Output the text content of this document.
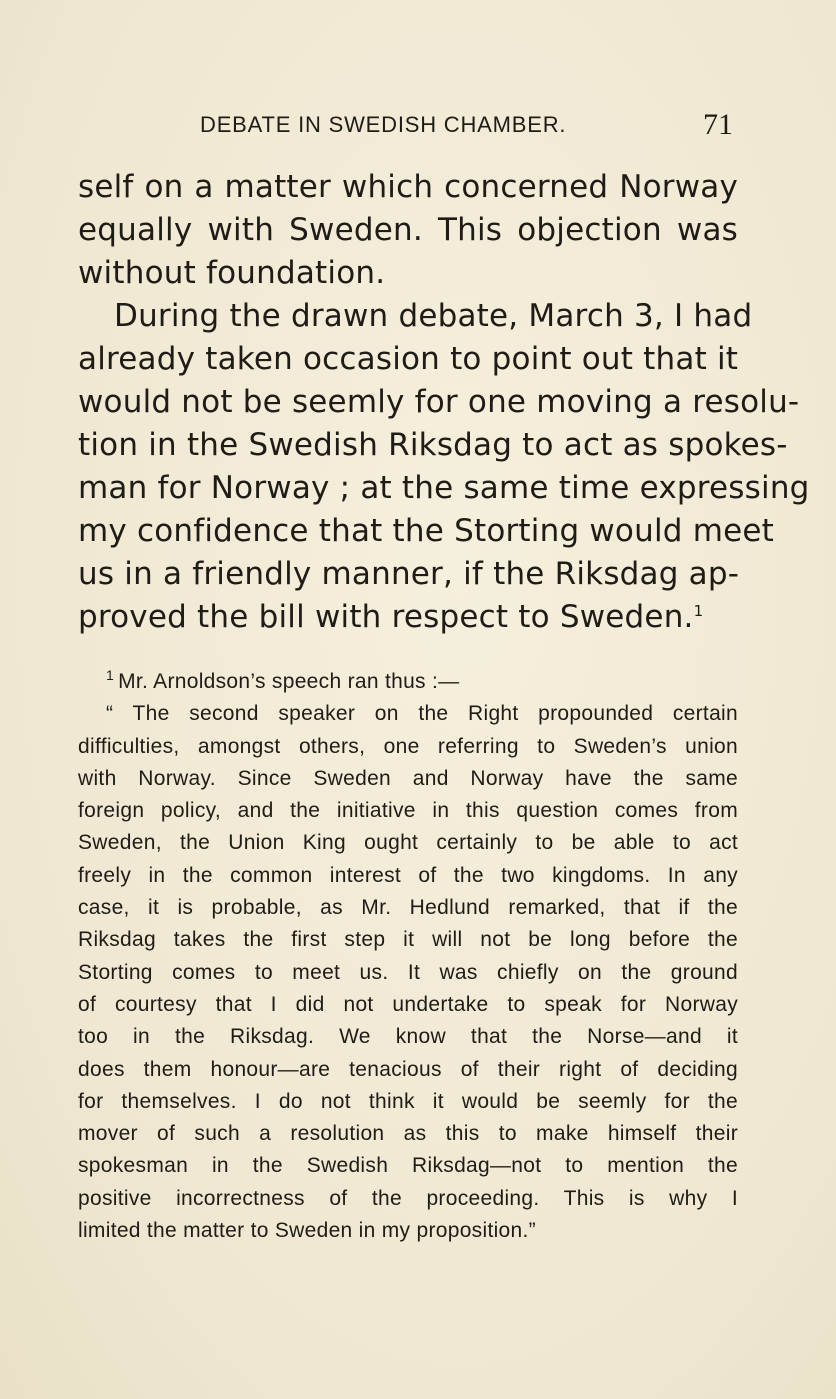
DEBATE IN SWEDISH CHAMBER.	71
self on a matter which concerned Norway
equally with Sweden. This objection was
without foundation.
During the drawn debate, March 3, I had
already taken occasion to point out that it
would not be seemly for one moving a resolu-
tion in the Swedish Riksdag to act as spokes-
man for Norway ; at the same time expressing
my confidence that the Storting would meet
us in a friendly manner, if the Riksdag ap-
proved the bill with respect to Sweden.$^1$
$^1$ Mr. Arnoldson’s speech ran thus :—
“ The second speaker on the Right propounded certain
difficulties, amongst others, one referring to Sweden’s union
with Norway. Since Sweden and Norway have the same
foreign policy, and the initiative in this question comes from
Sweden, the Union King ought certainly to be able to act
freely in the common interest of the two kingdoms. In any
case, it is probable, as Mr. Hedlund remarked, that if the
Riksdag takes the first step it will not be long before the
Storting comes to meet us. It was chiefly on the ground
of courtesy that I did not undertake to speak for Norway
too in the Riksdag. We know that the Norse—and it
does them honour—are tenacious of their right of deciding
for themselves. I do not think it would be seemly for the
mover of such a resolution as this to make himself their
spokesman in the Swedish Riksdag—not to mention the
positive incorrectness of the proceeding. This is why I
limited the matter to Sweden in my proposition.”
